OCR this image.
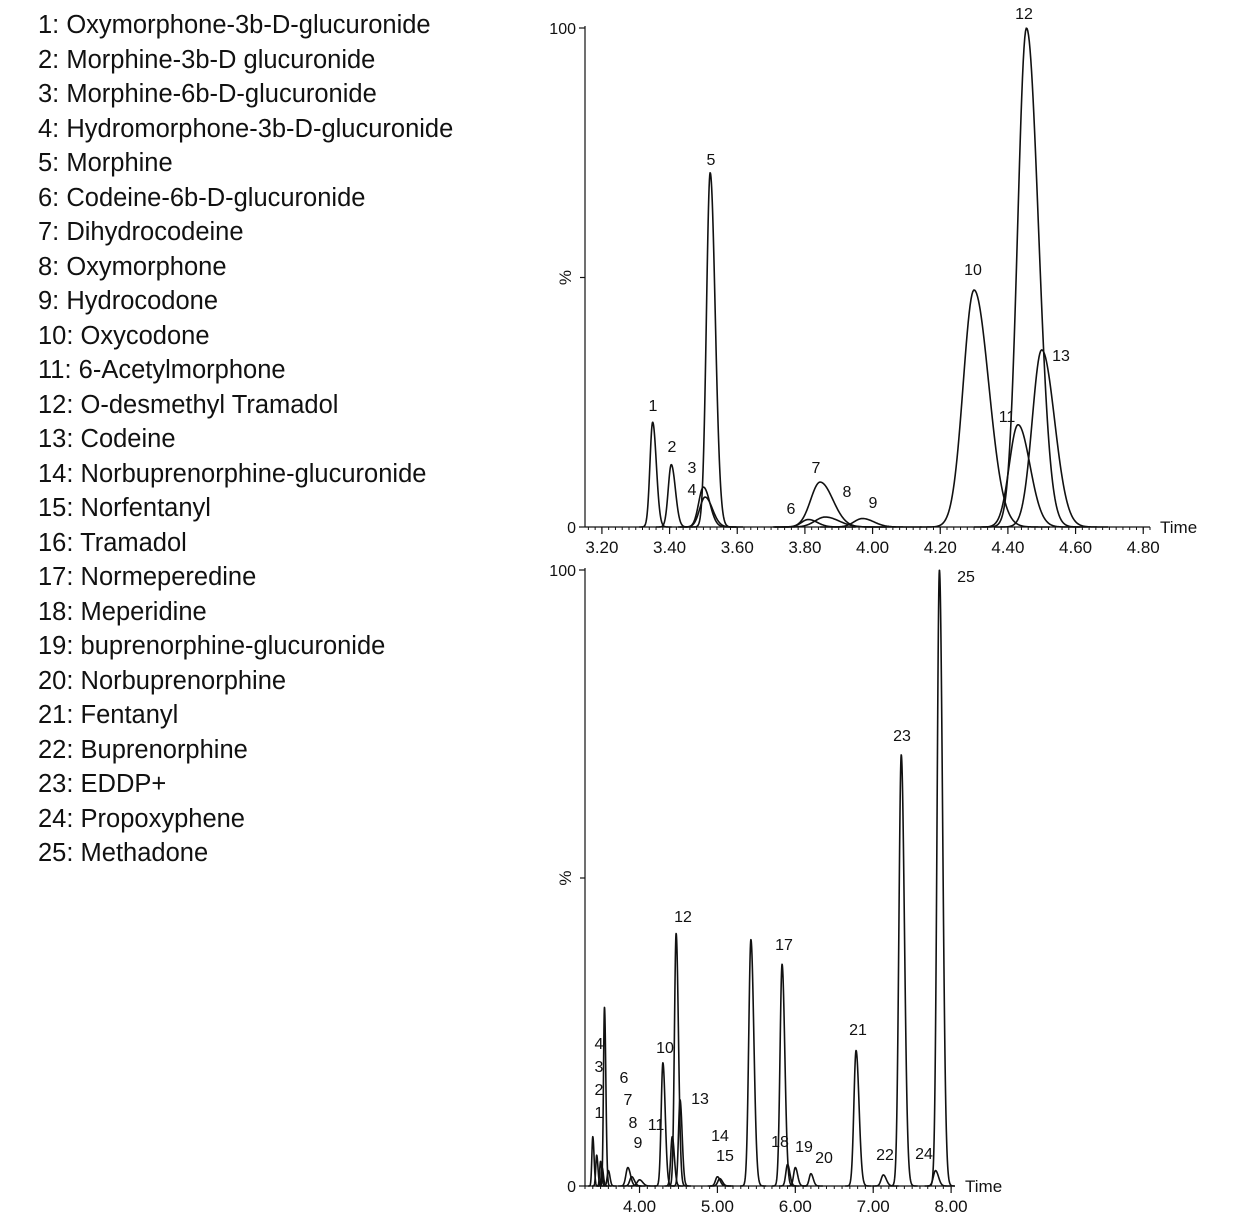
1: Oxymorphone-3b-D-glucuronide
2: Morphine-3b-D glucuronide
3: Morphine-6b-D-glucuronide
4: Hydromorphone-3b-D-glucuronide
5: Morphine
6: Codeine-6b-D-glucuronide
7: Dihydrocodeine
8: Oxymorphone
9: Hydrocodone
10: Oxycodone
11: 6-Acetylmorphone
12: O-desmethyl Tramadol
13: Codeine
14: Norbuprenorphine-glucuronide
15: Norfentanyl
16: Tramadol
17: Normeperedine
18: Meperidine
19: buprenorphine-glucuronide
20: Norbuprenorphine
21: Fentanyl
22: Buprenorphine
23: EDDP+
24: Propoxyphene
25: Methadone
3.20 3.40 3.60 3.80 4.00 4.20 4.40 4.60 4.80
0
100
%
Time
1
2
3
4
5
6
7
8
9
10
11
12
13
4.00	5.00	6.00	7.00	8.00
0
100
%
Time
1
2
3
4
6
7
8
9
10
11
12
13
14
15
17
18 19
20
21
22
23
24
25
